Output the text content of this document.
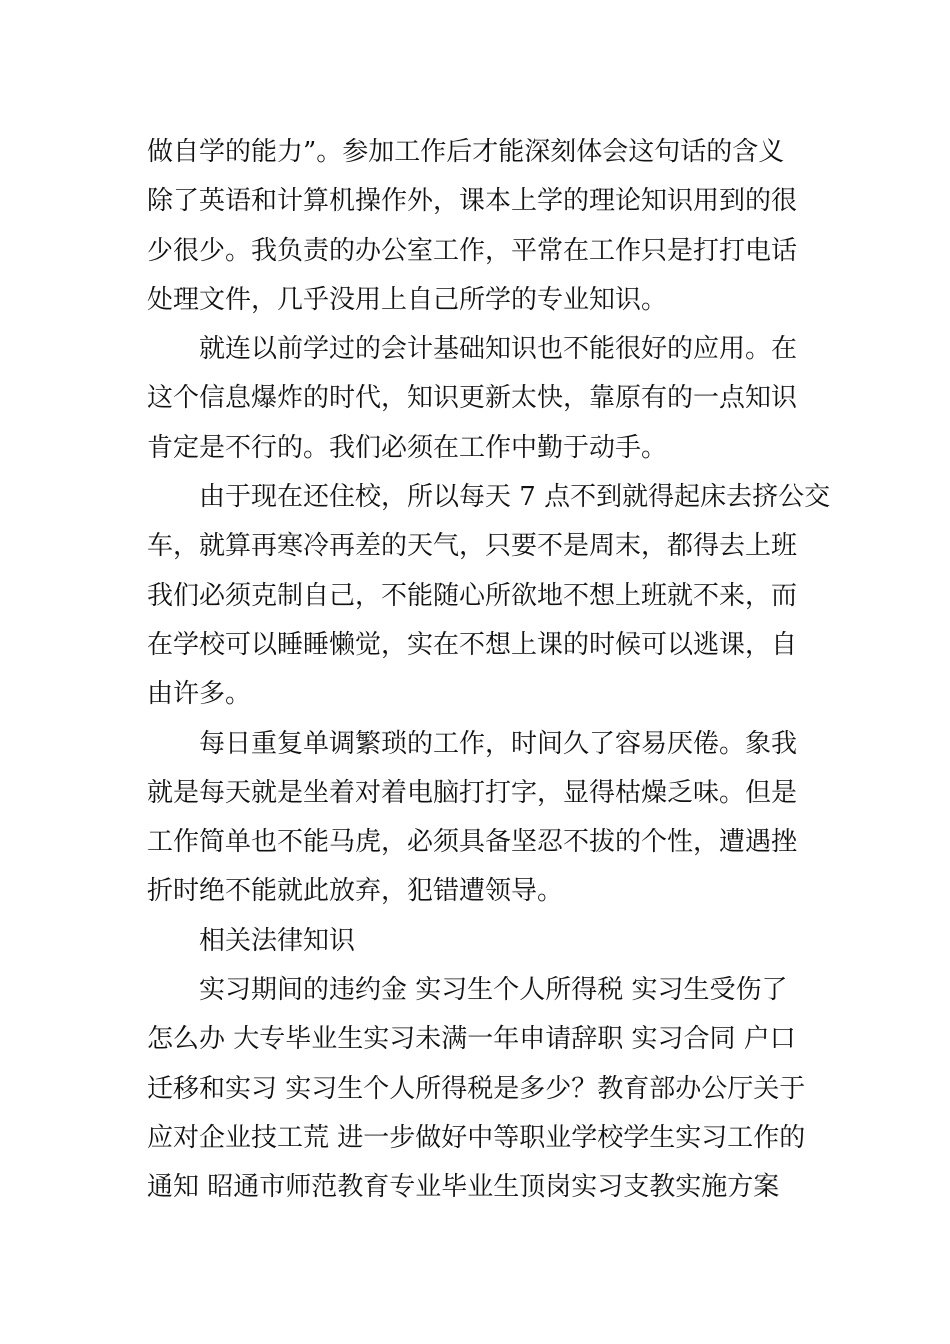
做自学的能力”。参加工作后才能深刻体会这句话的含义
除了英语和计算机操作外，课本上学的理论知识用到的很
少很少。我负责的办公室工作，平常在工作只是打打电话
处理文件，几乎没用上自己所学的专业知识。
就连以前学过的会计基础知识也不能很好的应用。在
这个信息爆炸的时代，知识更新太快，靠原有的一点知识
肯定是不行的。我们必须在工作中勤于动手。
由于现在还住校，所以每天 7 点不到就得起床去挤公交
车，就算再寒冷再差的天气，只要不是周末，都得去上班
我们必须克制自己，不能随心所欲地不想上班就不来，而
在学校可以睡睡懒觉，实在不想上课的时候可以逃课，自
由许多。
每日重复单调繁琐的工作，时间久了容易厌倦。象我
就是每天就是坐着对着电脑打打字，显得枯燥乏味。但是
工作简单也不能马虎，必须具备坚忍不拔的个性，遭遇挫
折时绝不能就此放弃，犯错遭领导。
相关法律知识
实习期间的违约金 实习生个人所得税 实习生受伤了
怎么办 大专毕业生实习未满一年申请辞职 实习合同 户口
迁移和实习 实习生个人所得税是多少？教育部办公厅关于
应对企业技工荒 进一步做好中等职业学校学生实习工作的
通知 昭通市师范教育专业毕业生顶岗实习支教实施方案
